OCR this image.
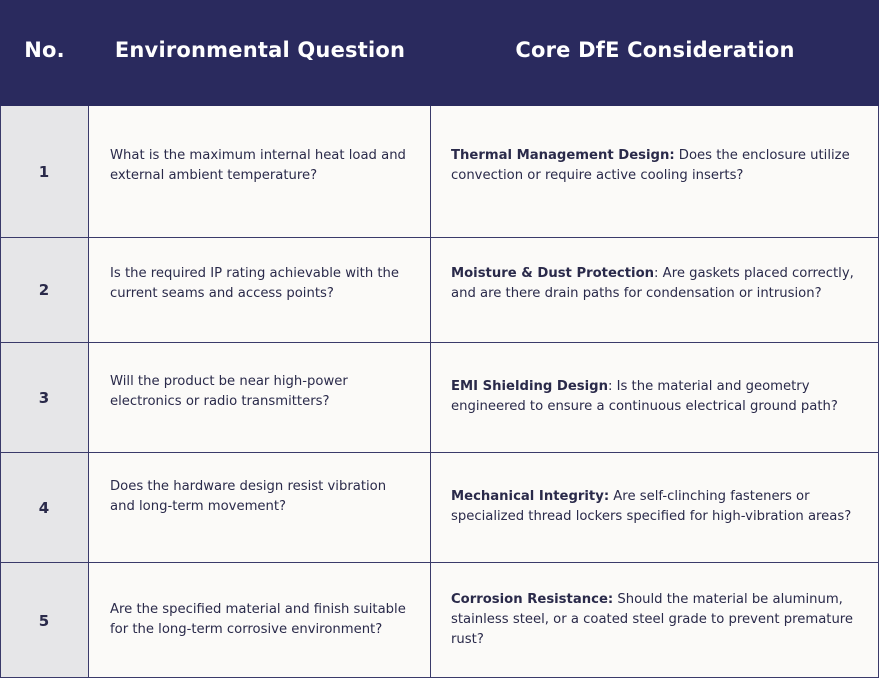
No.	Environmental Question	Core DfE Consideration
1
What is the maximum internal heat load and external ambient temperature?
Thermal Management Design: Does the enclosure utilize convection or require active cooling inserts?
2
Is the required IP rating achievable with the current seams and access points?
Moisture & Dust Protection: Are gaskets placed correctly, and are there drain paths for condensation or intrusion?
3
Will the product be near high-power electronics or radio transmitters?
EMI Shielding Design: Is the material and geometry engineered to ensure a continuous electrical ground path?
4
Does the hardware design resist vibration and long-term movement?
Mechanical Integrity: Are self-clinching fasteners or specialized thread lockers specified for high-vibration areas?
5
Are the specified material and finish suitable for the long-term corrosive environment?
Corrosion Resistance: Should the material be aluminum, stainless steel, or a coated steel grade to prevent premature rust?
